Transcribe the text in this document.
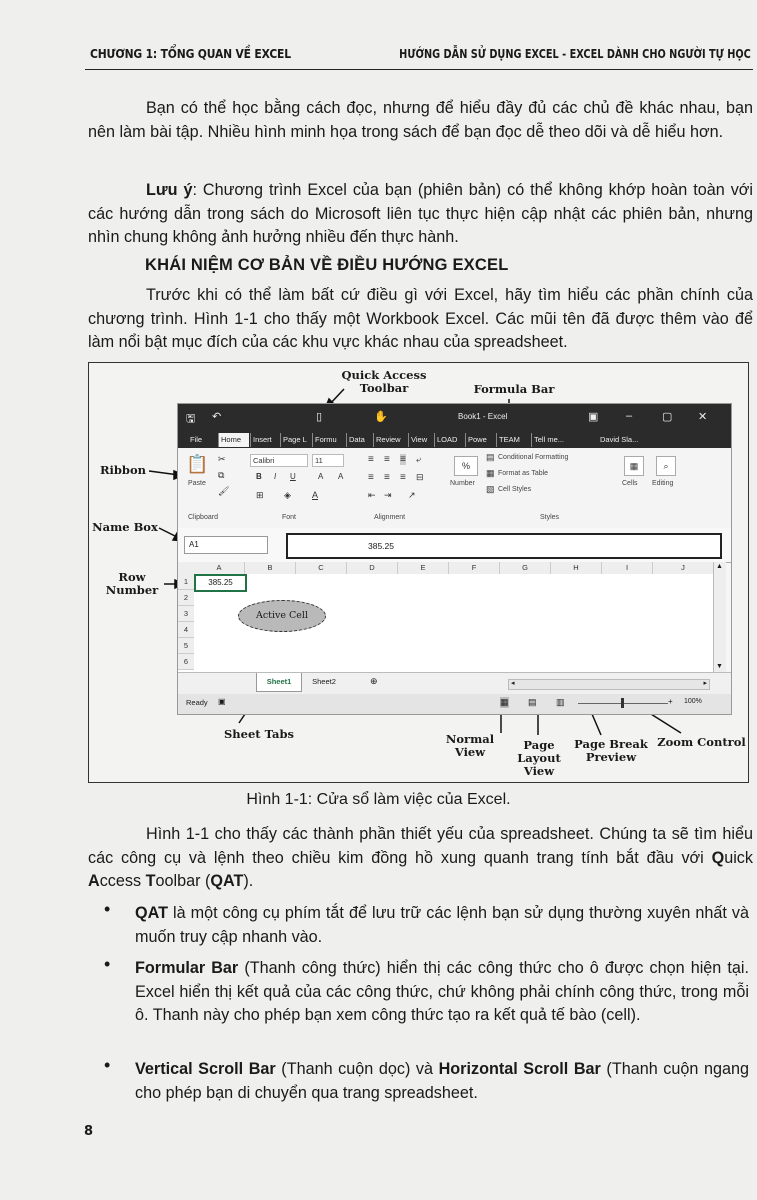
CHƯƠNG 1: TỔNG QUAN VỀ EXCEL	HƯỚNG DẪN SỬ DỤNG EXCEL - EXCEL DÀNH CHO NGƯỜI TỰ HỌC

Bạn có thể học bằng cách đọc, nhưng để hiểu đầy đủ các chủ đề khác nhau, bạn nên làm bài tập. Nhiều hình minh họa trong sách để bạn đọc dễ theo dõi và dễ hiểu hơn.

Lưu ý: Chương trình Excel của bạn (phiên bản) có thể không khớp hoàn toàn với các hướng dẫn trong sách do Microsoft liên tục thực hiện cập nhật các phiên bản, nhưng nhìn chung không ảnh hưởng nhiều đến thực hành.

KHÁI NIỆM CƠ BẢN VỀ ĐIỀU HƯỚNG EXCEL

Trước khi có thể làm bất cứ điều gì với Excel, hãy tìm hiểu các phần chính của chương trình. Hình 1-1 cho thấy một Workbook Excel. Các mũi tên đã được thêm vào để làm nổi bật mục đích của các khu vực khác nhau của spreadsheet.

Quick Access Toolbar	Formula Bar
Ribbon
Name Box
Row Number
Sheet Tabs	Normal View	Page Layout View
Page Break Preview
Zoom Control
🖫 ↶	▯	✋	Book1 - Excel	▣	–	▢ ✕
File	Home	Insert	Page L	Formu	Data	Review	View	LOAD	Powe	TEAM	Tell me...	David Sla...
📋
Paste
✂
⧉
🖌
Calibri	11
B I U	A A
⊞ ◈ A
≡ ≡ ≡ ⤶
≡ ≡ ≡ ⊟
⇤ ⇥ ↗
%
Number
▤ Conditional Formatting
▦ Format as Table
▧ Cell Styles
▦
Cells
⌕
Editing
Clipboard	Font	Alignment	Styles
A1	385.25
A	B	C	D	E	F	G	H	I	J
1
2
3
4
5
6
385.25
Active Cell
▲
▼
Sheet1	Sheet2	⊕	◂	▸
Ready ▣	▦ ▤ ▥	+ 100%

Hình 1-1: Cửa sổ làm việc của Excel.

Hình 1-1 cho thấy các thành phần thiết yếu của spreadsheet. Chúng ta sẽ tìm hiểu các công cụ và lệnh theo chiều kim đồng hồ xung quanh trang tính bắt đầu với Quick Access Toolbar (QAT).

• QAT là một công cụ phím tắt để lưu trữ các lệnh bạn sử dụng thường xuyên nhất và muốn truy cập nhanh vào.

• Formular Bar (Thanh công thức) hiển thị các công thức cho ô được chọn hiện tại. Excel hiển thị kết quả của các công thức, chứ không phải chính công thức, trong mỗi ô. Thanh này cho phép bạn xem công thức tạo ra kết quả tế bào (cell).

• Vertical Scroll Bar (Thanh cuộn dọc) và Horizontal Scroll Bar (Thanh cuộn ngang cho phép bạn di chuyển qua trang spreadsheet.

8
